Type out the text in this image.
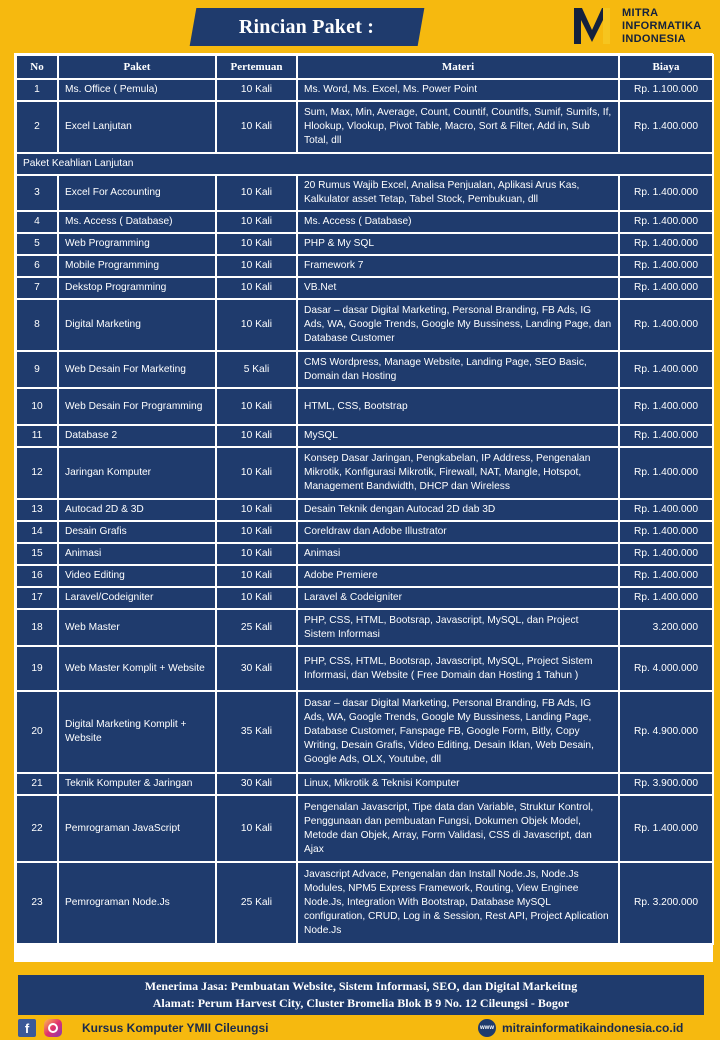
Rincian Paket :
MITRA
INFORMATIKA
INDONESIA
No	Paket	Pertemuan	Materi	Biaya
1	Ms. Office ( Pemula)	10 Kali	Ms. Word, Ms. Excel, Ms. Power Point	Rp. 1.100.000
2	Excel Lanjutan	10 Kali	Sum, Max, Min, Average, Count, Countif, Countifs, Sumif, Sumifs, If, Hlookup, Vlookup, Pivot Table, Macro, Sort & Filter, Add in, Sub Total, dll	Rp. 1.400.000
Paket Keahlian Lanjutan				
3	Excel For Accounting	10 Kali	20 Rumus Wajib Excel, Analisa Penjualan, Aplikasi Arus Kas, Kalkulator asset Tetap, Tabel Stock, Pembukuan, dll	Rp. 1.400.000
4	Ms. Access ( Database)	10 Kali	Ms. Access ( Database)	Rp. 1.400.000
5	Web Programming	10 Kali	PHP & My SQL	Rp. 1.400.000
6	Mobile Programming	10 Kali	Framework 7	Rp. 1.400.000
7	Dekstop Programming	10 Kali	VB.Net	Rp. 1.400.000
8	Digital Marketing	10 Kali	Dasar – dasar Digital Marketing, Personal Branding, FB Ads, IG Ads, WA, Google Trends, Google My Bussiness, Landing Page, dan Database Customer	Rp. 1.400.000
9	Web Desain For Marketing	5 Kali	CMS Wordpress, Manage Website, Landing Page, SEO Basic, Domain dan Hosting	Rp. 1.400.000
10	Web Desain For Programming	10 Kali	HTML, CSS, Bootstrap	Rp. 1.400.000
11	Database 2	10 Kali	MySQL	Rp. 1.400.000
12	Jaringan Komputer	10 Kali	Konsep Dasar Jaringan, Pengkabelan, IP Address, Pengenalan Mikrotik, Konfigurasi Mikrotik, Firewall, NAT, Mangle, Hotspot, Management Bandwidth, DHCP dan Wireless	Rp. 1.400.000
13	Autocad 2D & 3D	10 Kali	Desain Teknik dengan Autocad 2D dab 3D	Rp. 1.400.000
14	Desain Grafis	10 Kali	Coreldraw dan Adobe Illustrator	Rp. 1.400.000
15	Animasi	10 Kali	Animasi	Rp. 1.400.000
16	Video Editing	10 Kali	Adobe Premiere	Rp. 1.400.000
17	Laravel/Codeigniter	10 Kali	Laravel & Codeigniter	Rp. 1.400.000
18	Web Master	25 Kali	PHP, CSS, HTML, Bootsrap, Javascript, MySQL, dan Project Sistem Informasi	3.200.000
19	Web Master Komplit + Website	30 Kali	PHP, CSS, HTML, Bootsrap, Javascript, MySQL, Project Sistem Informasi, dan Website ( Free Domain dan Hosting 1 Tahun )	Rp. 4.000.000
20	Digital Marketing Komplit + Website	35 Kali	Dasar – dasar Digital Marketing, Personal Branding, FB Ads, IG Ads, WA, Google Trends, Google My Bussiness, Landing Page, Database Customer, Fanspage FB, Google Form, Bitly, Copy Writing, Desain Grafis, Video Editing, Desain Iklan, Web Desain, Google Ads, OLX, Youtube, dll	Rp. 4.900.000
21	Teknik Komputer & Jaringan	30 Kali	Linux, Mikrotik & Teknisi Komputer	Rp. 3.900.000
22	Pemrograman JavaScript	10 Kali	Pengenalan Javascript, Tipe data dan Variable, Struktur Kontrol, Penggunaan dan pembuatan Fungsi, Dokumen Objek Model, Metode dan Objek, Array, Form Validasi, CSS di Javascript, dan Ajax	Rp. 1.400.000
23	Pemrograman Node.Js	25 Kali	Javascript Advace, Pengenalan dan Install Node.Js, Node.Js Modules, NPM5 Express Framework, Routing, View Enginee Node.Js, Integration With Bootstrap, Database MySQL configuration, CRUD, Log in & Session, Rest API, Project Aplication Node.Js	Rp. 3.200.000
Menerima Jasa: Pembuatan Website, Sistem Informasi, SEO, dan Digital Markeitng
Alamat: Perum Harvest City, Cluster Bromelia Blok B 9 No. 12 Cileungsi - Bogor
f	Kursus Komputer YMII Cileungsi	www mitrainformatikaindonesia.co.id
